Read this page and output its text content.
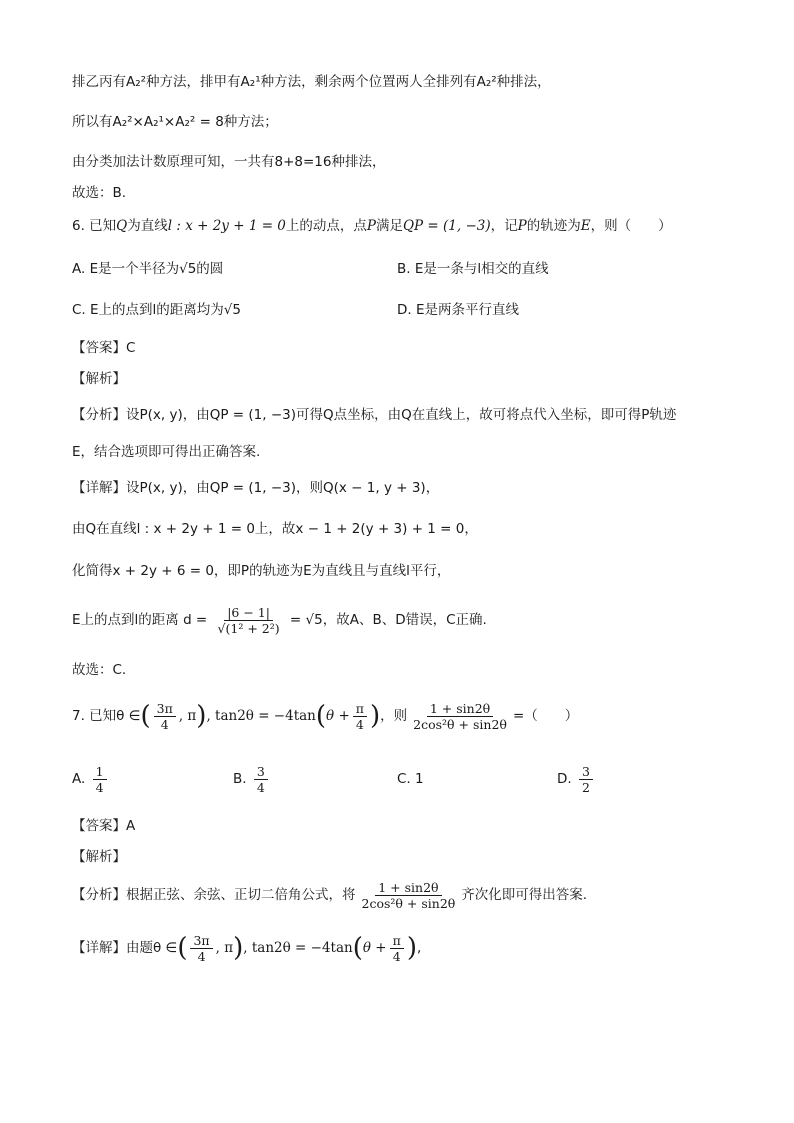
排乙丙有A₂²种方法，排甲有A₂¹种方法，剩余两个位置两人全排列有A₂²种排法，
所以有A₂²×A₂¹×A₂² = 8种方法；
由分类加法计数原理可知，一共有8+8=16种排法，
故选：B.
6. 已知Q为直线l : x + 2y + 1 = 0上的动点，点P满足QP = (1, −3)，记P的轨迹为E，则（　　）
A. E是一个半径为√5的圆	B. E是一条与l相交的直线
C. E上的点到l的距离均为√5	D. E是两条平行直线
【答案】C
【解析】
【分析】设P(x, y)，由QP = (1, −3)可得Q点坐标，由Q在直线上，故可将点代入坐标，即可得P轨迹
E，结合选项即可得出正确答案.
【详解】设P(x, y)，由QP = (1, −3)，则Q(x − 1, y + 3)，
由Q在直线l : x + 2y + 1 = 0上，故x − 1 + 2(y + 3) + 1 = 0，
化简得x + 2y + 6 = 0，即P的轨迹为E为直线且与直线l平行，
E上的点到l的距离 $d = \frac{|6 - 1|}{\text{√(1² + 2²)}} = √5$，故A、B、D错误，C正确.
故选：C.
7. 已知θ ∈( $\frac{3\pi}{4}$ , π), $\tan 2\theta = -4\tan(\theta + \frac{\pi}{4}$ )，则 $\frac{1 + \sin 2\theta}{\text{2cos²θ + sin2θ}}$ =（　　）
A. $\frac{1}{4}$	B. $\frac{3}{4}$	C. 1	D. $\frac{3}{2}$
【答案】A
【解析】
【分析】根据正弦、余弦、正切二倍角公式，将 $\frac{1 + \sin 2\theta}{\text{2cos²θ + sin2θ}}$ 齐次化即可得出答案.
【详解】由题θ ∈( $\frac{3\pi}{4}$ , π), $\tan 2\theta = -4\tan(\theta + \frac{\pi}{4}$ ),
